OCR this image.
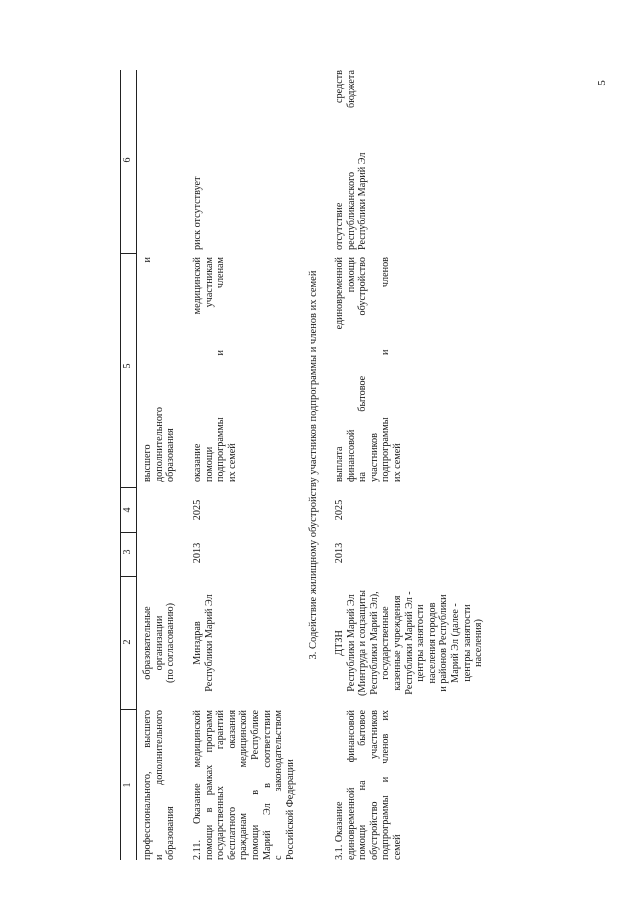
5
1
2
3
4
5
6
профессионального, высшего и дополнительного образования
образовательные организации (по согласованию)
высшего и дополнительного образования
2.11. Оказание медицинской помощи в рамках программ государственных гарантий бесплатного оказания гражданам медицинской помощи в Республике Марий Эл в соответствии с законодательством Российской Федерации
Минздрав Республики Марий Эл
2013
2025
оказание медицинской помощи участникам подпрограммы и членам их семей
риск отсутствует
3. Содействие жилищному обустройству участников подпрограммы и членов их семей
3.1. Оказание единовременной финансовой помощи на бытовое обустройство участников подпрограммы и членов их семей
ДТЗН Республики Марий Эл (Минтруда и соцзащиты Республики Марий Эл), государственные казенные учреждения Республики Марий Эл - центры занятости населения городов и районов Республики Марий Эл (далее - центры занятости населения)
2013
2025
выплата единовременной финансовой помощи на бытовое обустройство участников подпрограммы и членов их семей
отсутствие средств республиканского бюджета Республики Марий Эл
